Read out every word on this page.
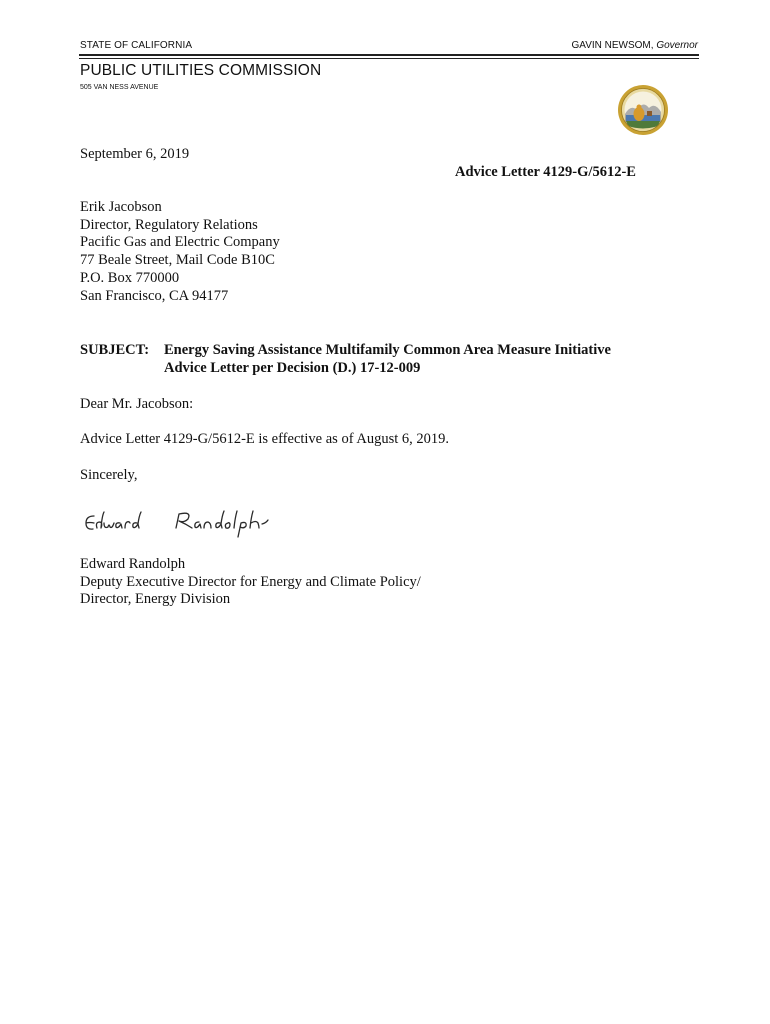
STATE OF CALIFORNIA	GAVIN NEWSOM, Governor
PUBLIC UTILITIES COMMISSION
505 VAN NESS AVENUE
September 6, 2019
Advice Letter 4129-G/5612-E
Erik Jacobson
Director, Regulatory Relations
Pacific Gas and Electric Company
77 Beale Street, Mail Code B10C
P.O. Box 770000
San Francisco, CA 94177
SUBJECT: Energy Saving Assistance Multifamily Common Area Measure Initiative
Advice Letter per Decision (D.) 17-12-009
Dear Mr. Jacobson:
Advice Letter 4129-G/5612-E is effective as of August 6, 2019.
Sincerely,
Edward Randolph
Deputy Executive Director for Energy and Climate Policy/
Director, Energy Division
